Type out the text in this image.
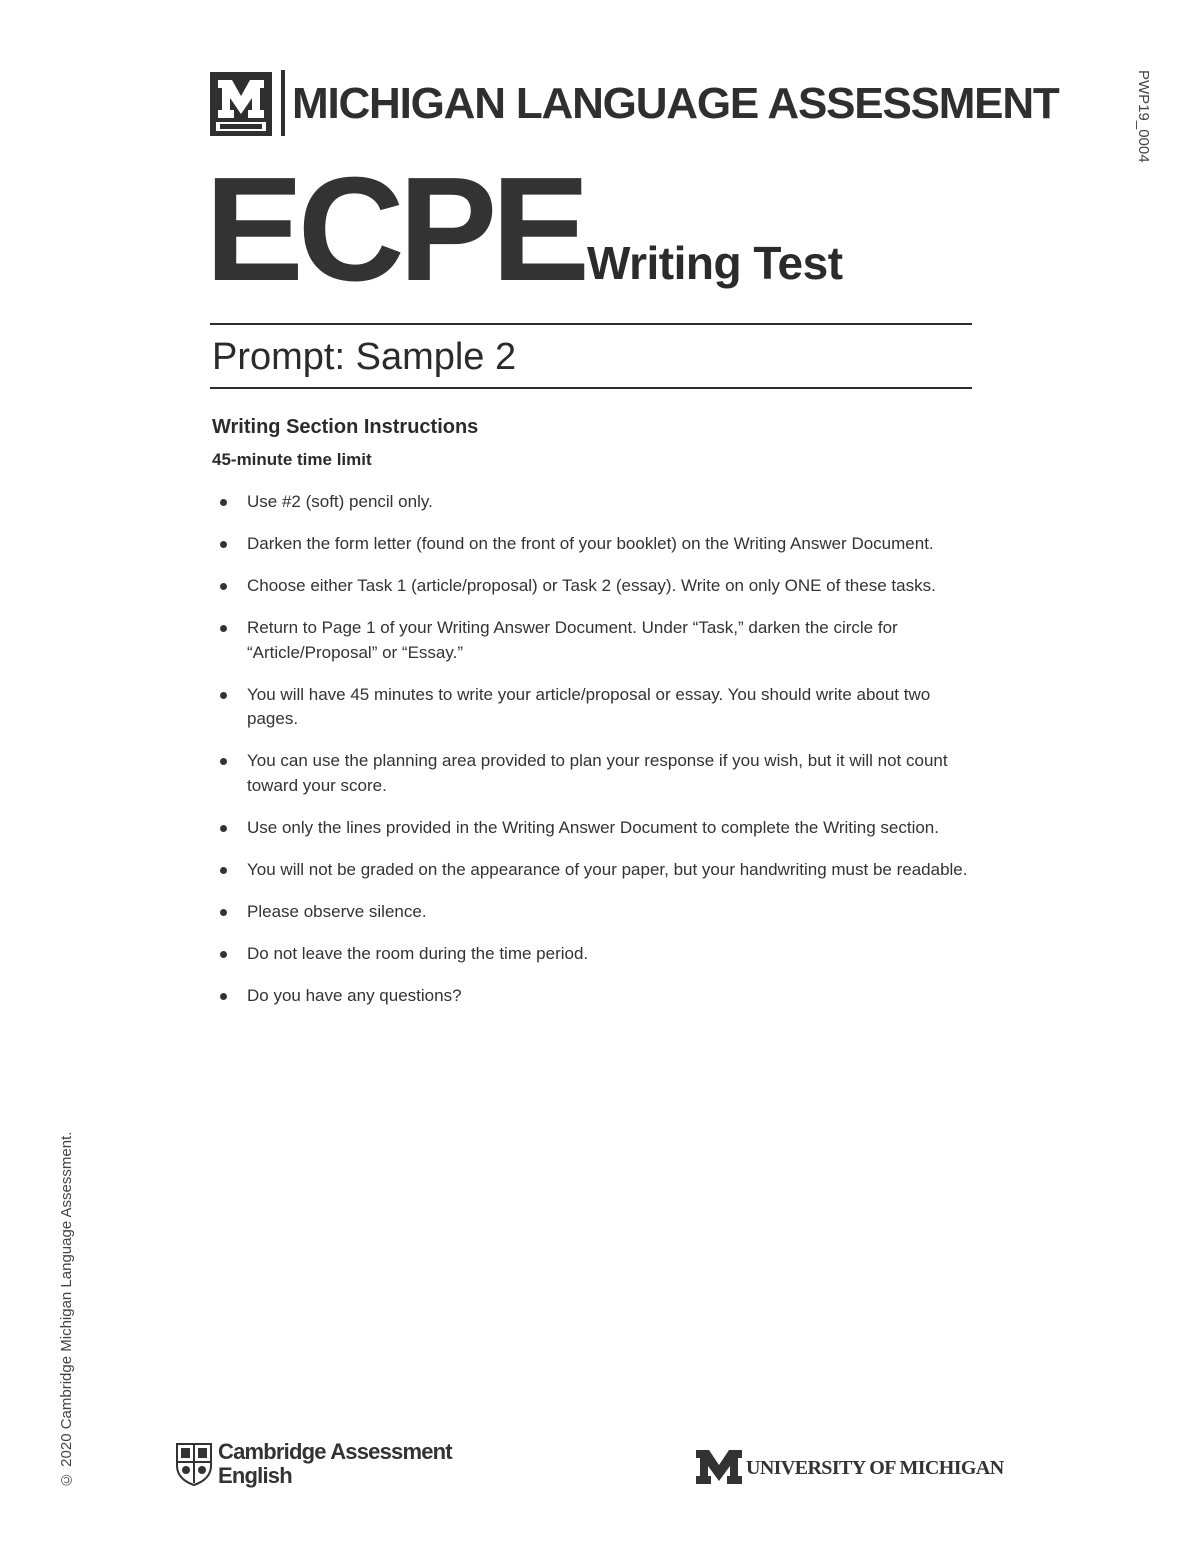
MICHIGAN LANGUAGE ASSESSMENT	PWP19_0004
ECPE Writing Test
Prompt: Sample 2
Writing Section Instructions
45-minute time limit
Use #2 (soft) pencil only.
Darken the form letter (found on the front of your booklet) on the Writing Answer Document.
Choose either Task 1 (article/proposal) or Task 2 (essay). Write on only ONE of these tasks.
Return to Page 1 of your Writing Answer Document. Under “Task,” darken the circle for “Article/Proposal” or “Essay.”
You will have 45 minutes to write your article/proposal or essay. You should write about two pages.
You can use the planning area provided to plan your response if you wish, but it will not count toward your score.
Use only the lines provided in the Writing Answer Document to complete the Writing section.
You will not be graded on the appearance of your paper, but your handwriting must be readable.
Please observe silence.
Do not leave the room during the time period.
Do you have any questions?
© 2020 Cambridge Michigan Language Assessment.	Cambridge Assessment
English	UNIVERSITY OF MICHIGAN
